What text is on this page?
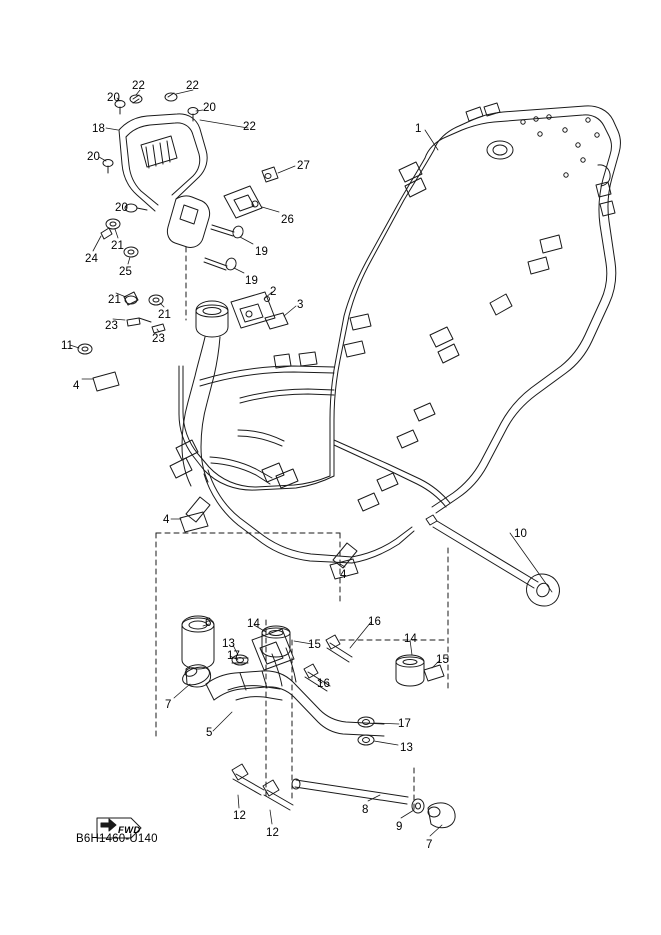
22	22
20
20
18	22	1
20
27
20
26
21	19
24
25
19
21
21
2
3
23
23
11
4
10
4
4
6	14
15
16
14
17
13
15
16
7
17
5
13
12
12
8
9
7
FWD
B6H1460-U140
